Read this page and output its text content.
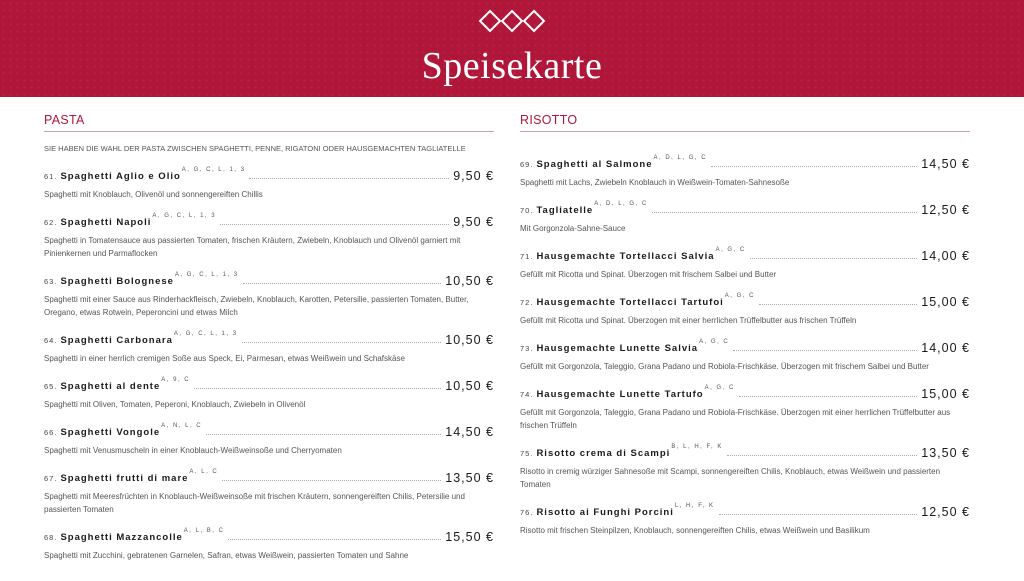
Speisekarte
PASTA
SIE HABEN DIE WAHL DER PASTA ZWISCHEN SPAGHETTI, PENNE, RIGATONI ODER HAUSGEMACHTEN TAGLIATELLE
61. Spaghetti Aglio e Olio
A, G, C, L, 1, 3	9,50 €
Spaghetti mit Knoblauch, Olivenöl und sonnengereiften Chillis
62. Spaghetti Napoli
A, G, C, L, 1, 3	9,50 €
Spaghetti in Tomatensauce aus passierten Tomaten, frischen Kräutern, Zwiebeln, Knoblauch und Olivenöl garniert mit Pinienkernen und Parmaflocken
63. Spaghetti Bolognese
A, G, C, L, 1, 3	10,50 €
Spaghetti mit einer Sauce aus Rinderhackfleisch, Zwiebeln, Knoblauch, Karotten, Petersilie, passierten Tomaten, Butter, Oregano, etwas Rotwein, Peperoncini und etwas Milch
64. Spaghetti Carbonara
A, G, C, L, 1, 3	10,50 €
Spaghetti in einer herrlich cremigen Soße aus Speck, Ei, Parmesan, etwas Weißwein und Schafskäse
65. Spaghetti al dente
A, 9, C	10,50 €
Spaghetti mit Oliven, Tomaten, Peperoni, Knoblauch, Zwiebeln in Olivenöl
66. Spaghetti Vongole
A, N, L, C	14,50 €
Spaghetti mit Venusmuscheln in einer Knoblauch-Weißweinsoße und Cherryomaten
67. Spaghetti frutti di mare
A, L, C	13,50 €
Spaghetti mit Meeresfrüchten in Knoblauch-Weißweinsoße mit frischen Kräutern, sonnengereiften Chilis, Petersilie und passierten Tomaten
68. Spaghetti Mazzancolle
A, L, B, C	15,50 €
Spaghetti mit Zucchini, gebratenen Garnelen, Safran, etwas Weißwein, passierten Tomaten und Sahne
RISOTTO
69. Spaghetti al Salmone
A, D, L, G, C	14,50 €
Spaghetti mit Lachs, Zwiebeln Knoblauch in Weißwein-Tomaten-Sahnesoße
70. Tagliatelle
A, D, L, G, C	12,50 €
Mit Gorgonzola-Sahne-Sauce
71. Hausgemachte Tortellacci Salvia
A, G, C	14,00 €
Gefüllt mit Ricotta und Spinat. Überzogen mit frischem Salbei und Butter
72. Hausgemachte Tortellacci Tartufoi
A, G, C	15,00 €
Gefüllt mit Ricotta und Spinat. Überzogen mit einer herrlichen Trüffelbutter aus frischen Trüffeln
73. Hausgemachte Lunette Salvia
A, G, C	14,00 €
Gefüllt mit Gorgonzola, Taleggio, Grana Padano und Robiola-Frischkäse. Überzogen mit frischem Salbei und Butter
74. Hausgemachte Lunette Tartufo
A, G, C	15,00 €
Gefüllt mit Gorgonzola, Taleggio, Grana Padano und Robiola-Frischkäse. Überzogen mit einer herrlichen Trüffelbutter aus frischen Trüffeln
75. Risotto crema di Scampi
B, L, H, F, K	13,50 €
Risotto in cremig würziger Sahnesoße mit Scampi, sonnengereiften Chilis, Knoblauch, etwas Weißwein und passierten Tomaten
76. Risotto ai Funghi Porcini
L, H, F, K	12,50 €
Risotto mit frischen Steinpilzen, Knoblauch, sonnengereiften Chilis, etwas Weißwein und Basilikum
